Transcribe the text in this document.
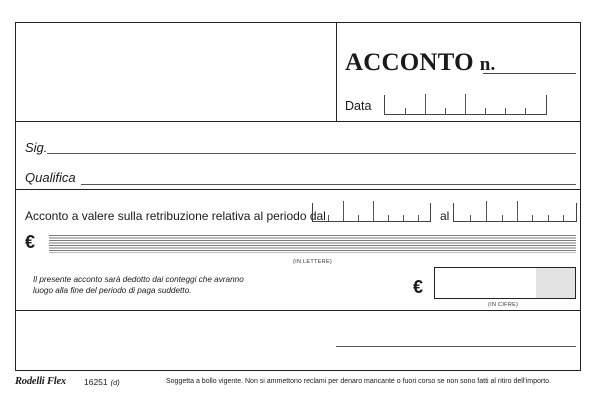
ACCONTO n.
Data
Sig.
Qualifica
Acconto a valere sulla retribuzione relativa al periodo dal	al
€
(IN LETTERE)
Il presente acconto sarà dedotto dai conteggi che avranno
luogo alla fine del periodo di paga suddetto.	€
(IN CIFRE)
Rodelli Flex 16251 (d)	Soggetta a bollo vigente. Non si ammettono reclami per denaro mancante o fuori corso se non sono fatti al ritiro dell'importo.
